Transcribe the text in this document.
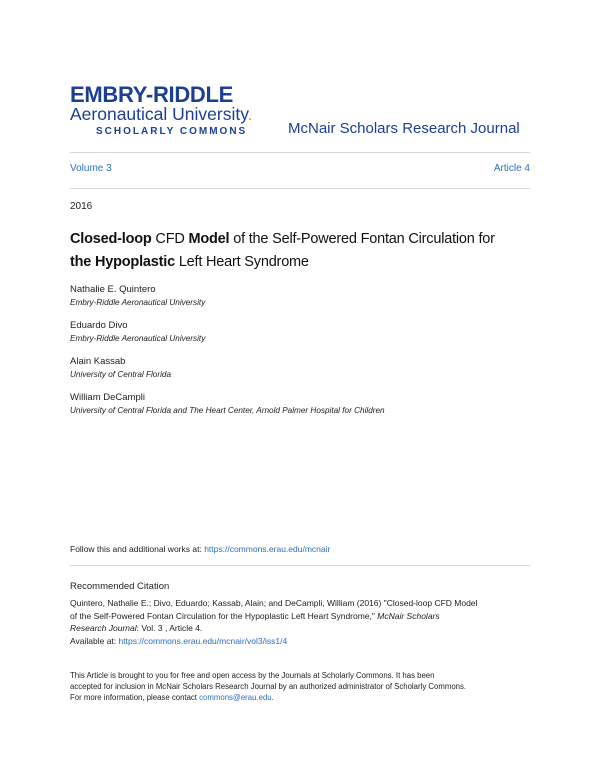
EMBRY-RIDDLE
Aeronautical University.
SCHOLARLY COMMONS	McNair Scholars Research Journal
Volume 3	Article 4
2016
Closed-loop CFD Model of the Self-Powered Fontan Circulation for
the Hypoplastic Left Heart Syndrome
Nathalie E. Quintero
Embry-Riddle Aeronautical University
Eduardo Divo
Embry-Riddle Aeronautical University
Alain Kassab
University of Central Florida
William DeCampli
University of Central Florida and The Heart Center, Arnold Palmer Hospital for Children
Follow this and additional works at: https://commons.erau.edu/mcnair
Recommended Citation
Quintero, Nathalie E.; Divo, Eduardo; Kassab, Alain; and DeCampli, William (2016) "Closed-loop CFD Model
of the Self-Powered Fontan Circulation for the Hypoplastic Left Heart Syndrome," McNair Scholars
Research Journal: Vol. 3 , Article 4.
Available at: https://commons.erau.edu/mcnair/vol3/iss1/4
This Article is brought to you for free and open access by the Journals at Scholarly Commons. It has been
accepted for inclusion in McNair Scholars Research Journal by an authorized administrator of Scholarly Commons.
For more information, please contact commons@erau.edu.
